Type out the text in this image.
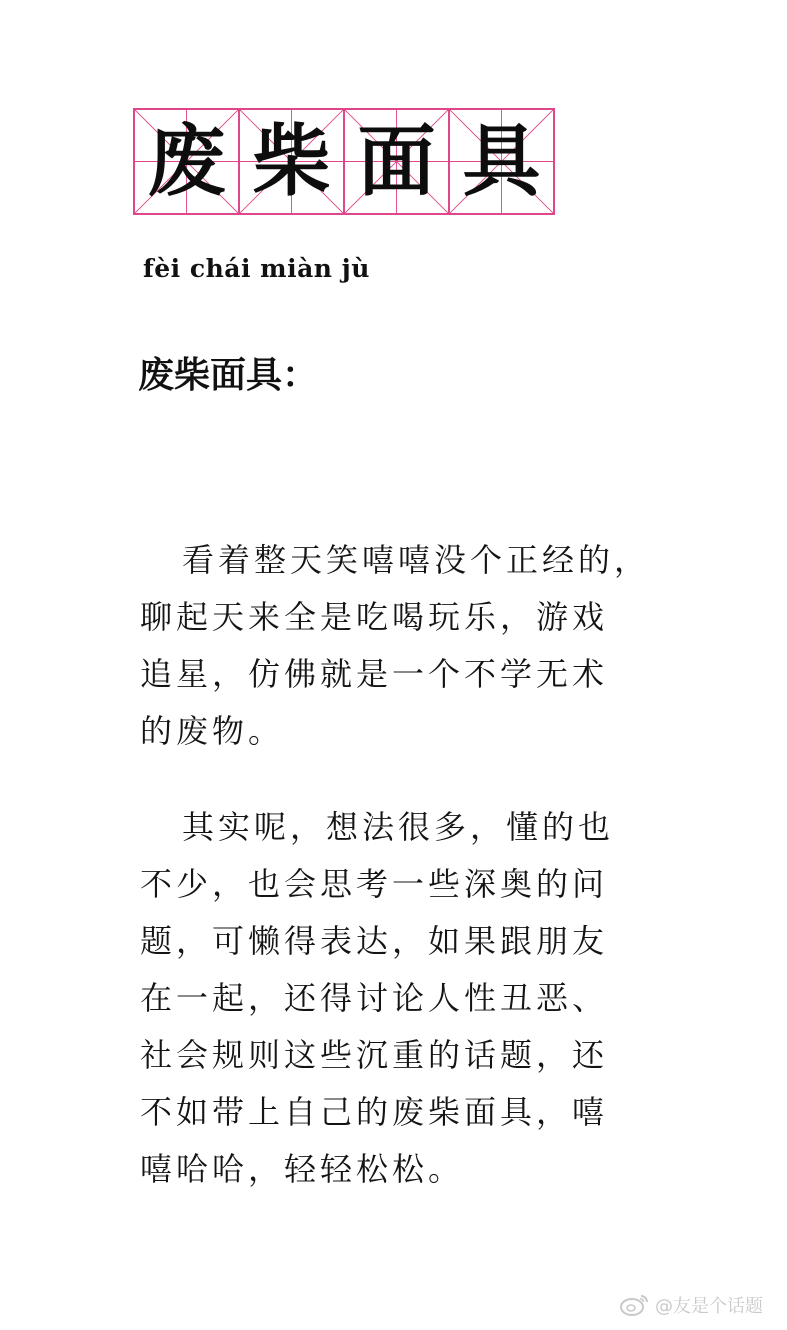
废 柴 面 具
fèi chái miàn jù
废柴面具：

看着整天笑嘻嘻没个正经的，
聊起天来全是吃喝玩乐，游戏
追星，仿佛就是一个不学无术
的废物。

其实呢，想法很多，懂的也
不少，也会思考一些深奥的问
题，可懒得表达，如果跟朋友
在一起，还得讨论人性丑恶、
社会规则这些沉重的话题，还
不如带上自己的废柴面具，嘻
嘻哈哈，轻轻松松。

@友是个话题
